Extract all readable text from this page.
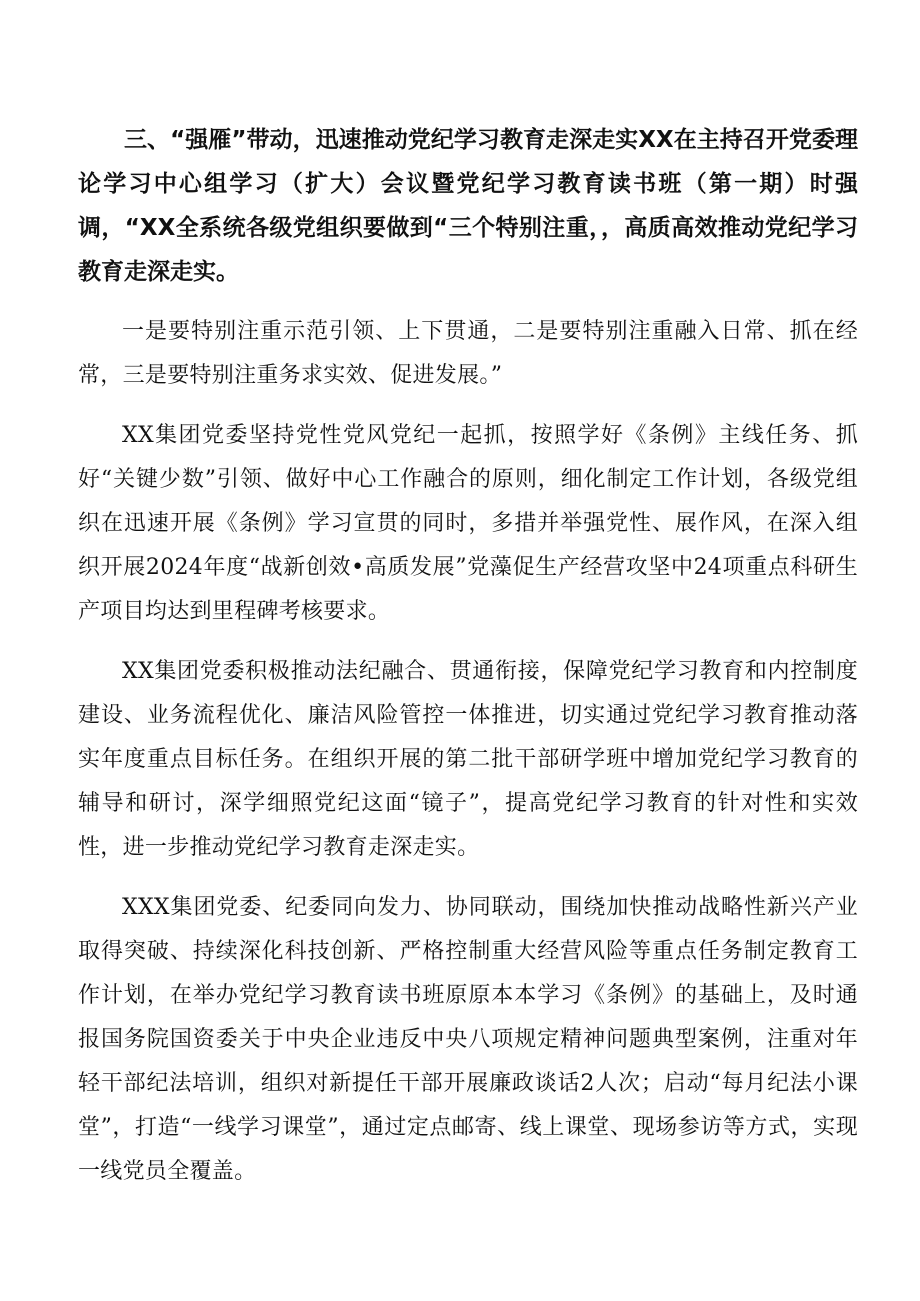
三、“强雁”带动，迅速推动党纪学习教育走深走实XX在主持召开党委理论学习中心组学习（扩大）会议暨党纪学习教育读书班（第一期）时强调，“XX全系统各级党组织要做到“三个特别注重，，高质高效推动党纪学习教育走深走实。

一是要特别注重示范引领、上下贯通，二是要特别注重融入日常、抓在经常，三是要特别注重务求实效、促进发展。”

XX集团党委坚持党性党风党纪一起抓，按照学好《条例》主线任务、抓好“关键少数”引领、做好中心工作融合的原则，细化制定工作计划，各级党组织在迅速开展《条例》学习宣贯的同时，多措并举强党性、展作风，在深入组织开展2024年度“战新创效•高质发展”党藻促生产经营攻坚中24项重点科研生产项目均达到里程碑考核要求。

XX集团党委积极推动法纪融合、贯通衔接，保障党纪学习教育和内控制度建设、业务流程优化、廉洁风险管控一体推进，切实通过党纪学习教育推动落实年度重点目标任务。在组织开展的第二批干部研学班中增加党纪学习教育的辅导和研讨，深学细照党纪这面“镜子”，提高党纪学习教育的针对性和实效性，进一步推动党纪学习教育走深走实。

XXX集团党委、纪委同向发力、协同联动，围绕加快推动战略性新兴产业取得突破、持续深化科技创新、严格控制重大经营风险等重点任务制定教育工作计划，在举办党纪学习教育读书班原原本本学习《条例》的基础上，及时通报国务院国资委关于中央企业违反中央八项规定精神问题典型案例，注重对年轻干部纪法培训，组织对新提任干部开展廉政谈话2人次；启动“每月纪法小课堂”，打造“一线学习课堂”，通过定点邮寄、线上课堂、现场参访等方式，实现一线党员全覆盖。
